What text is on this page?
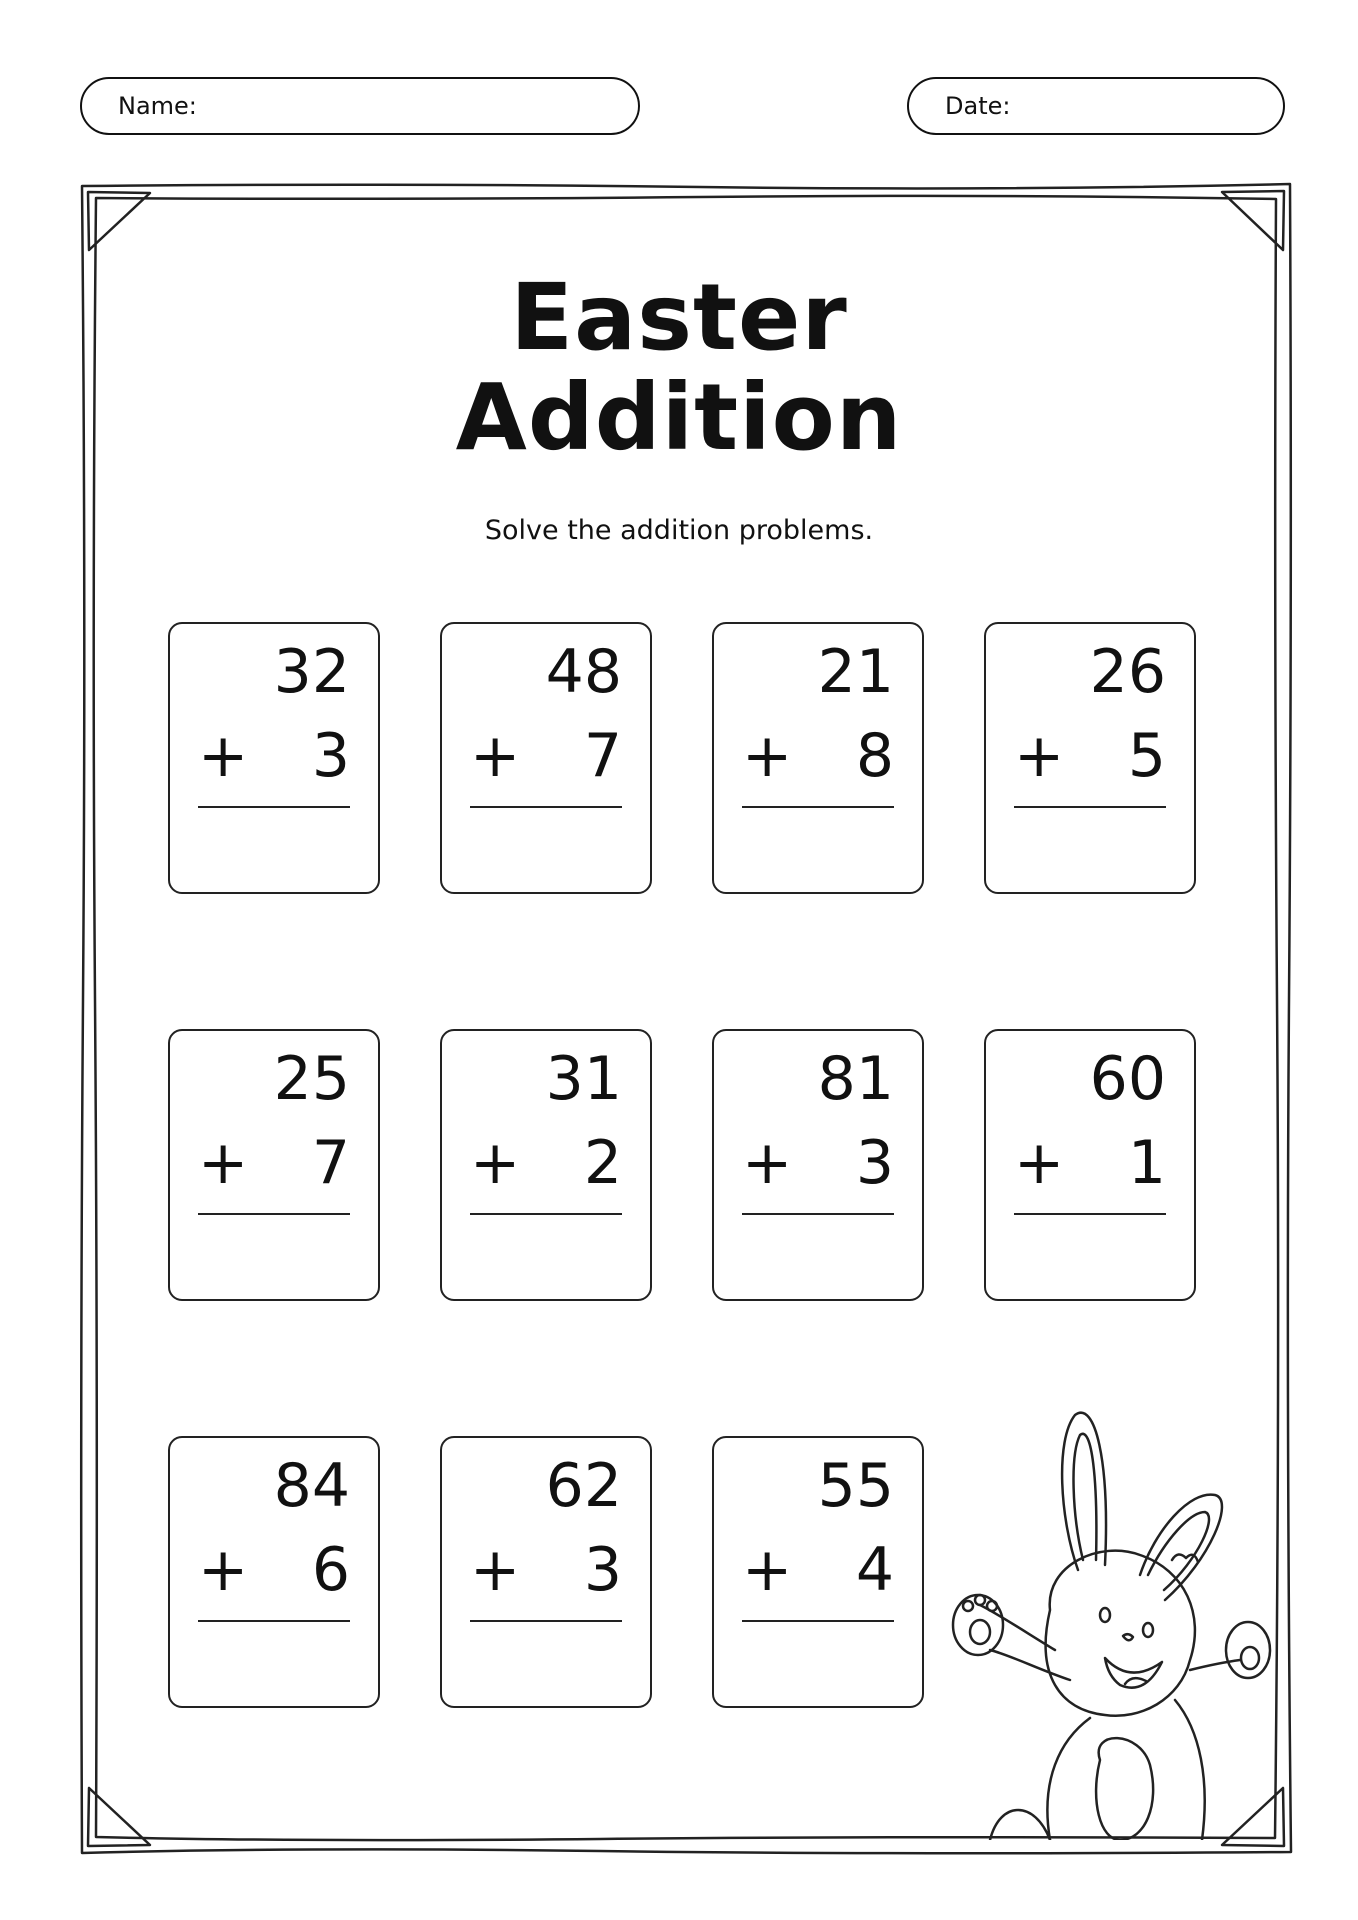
Name:	Date:
Easter
Addition
Solve the addition problems.
32
+ 3
48
+ 7
21
+ 8
26
+ 5
25
+ 7
31
+ 2
81
+ 3
60
+ 1
84
+ 6
62
+ 3
55
+ 4
